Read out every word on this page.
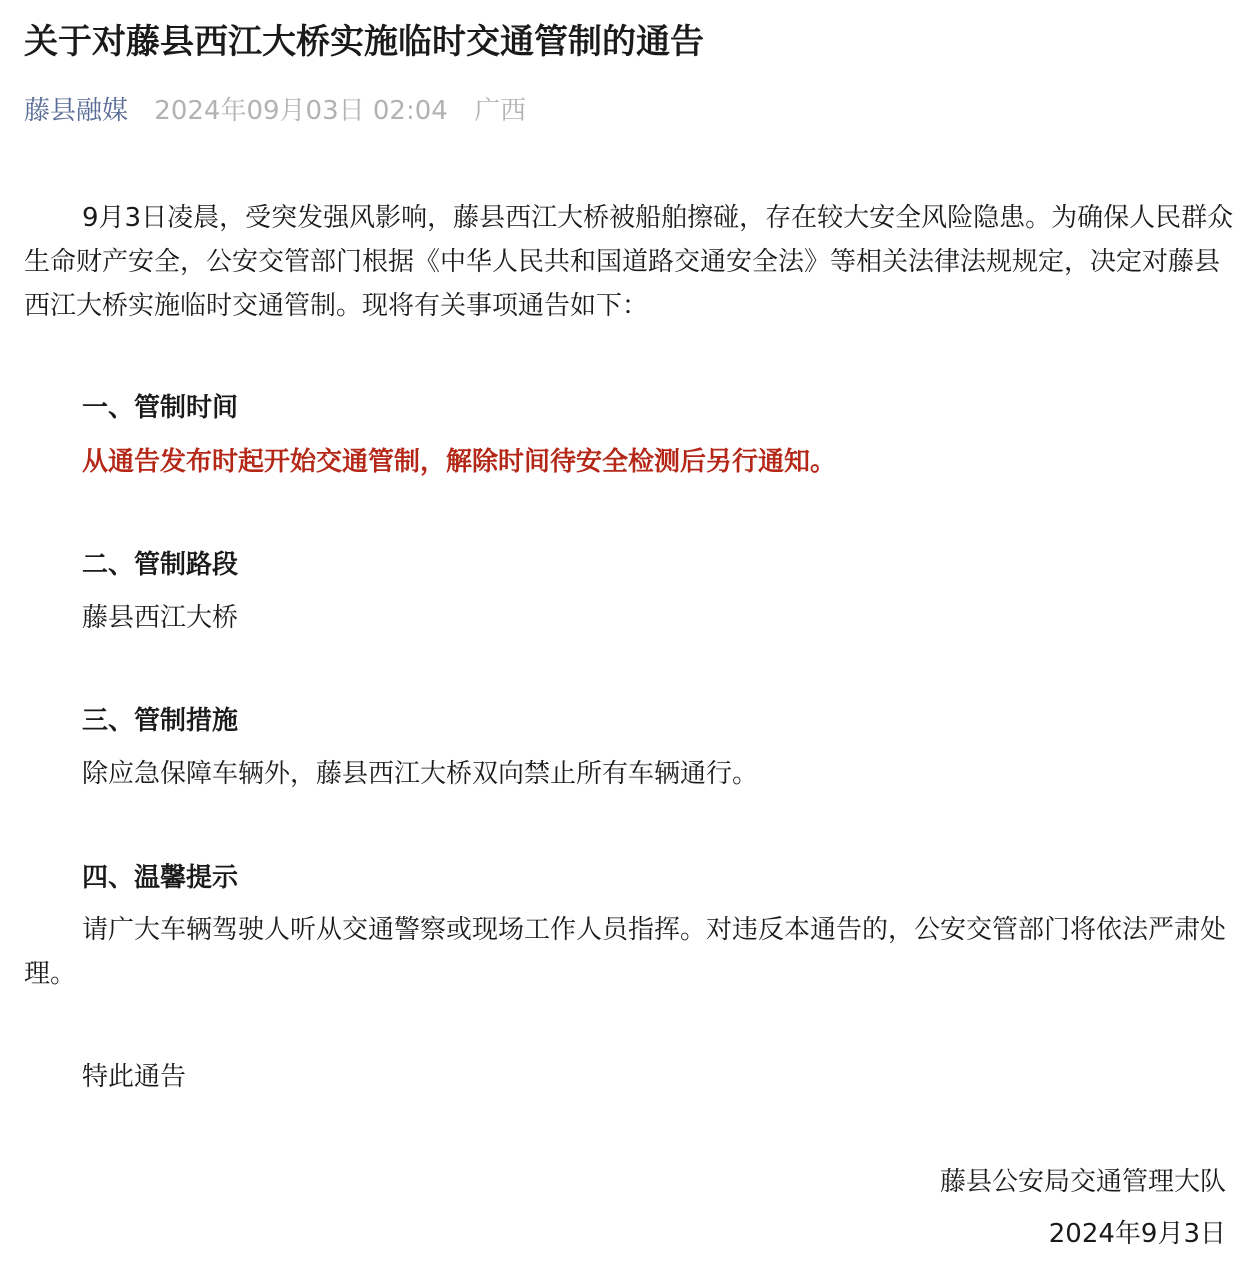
关于对藤县西江大桥实施临时交通管制的通告
藤县融媒 2024年09月03日 02:04 广西

9月3日凌晨，受突发强风影响，藤县西江大桥被船舶擦碰，存在较大安全风险隐患。为确保人民群众生命财产安全，公安交管部门根据《中华人民共和国道路交通安全法》等相关法律法规规定，决定对藤县西江大桥实施临时交通管制。现将有关事项通告如下：

一、管制时间

从通告发布时起开始交通管制，解除时间待安全检测后另行通知。

二、管制路段

藤县西江大桥

三、管制措施

除应急保障车辆外，藤县西江大桥双向禁止所有车辆通行。

四、温馨提示

请广大车辆驾驶人听从交通警察或现场工作人员指挥。对违反本通告的，公安交管部门将依法严肃处理。

特此通告

藤县公安局交通管理大队

2024年9月3日
